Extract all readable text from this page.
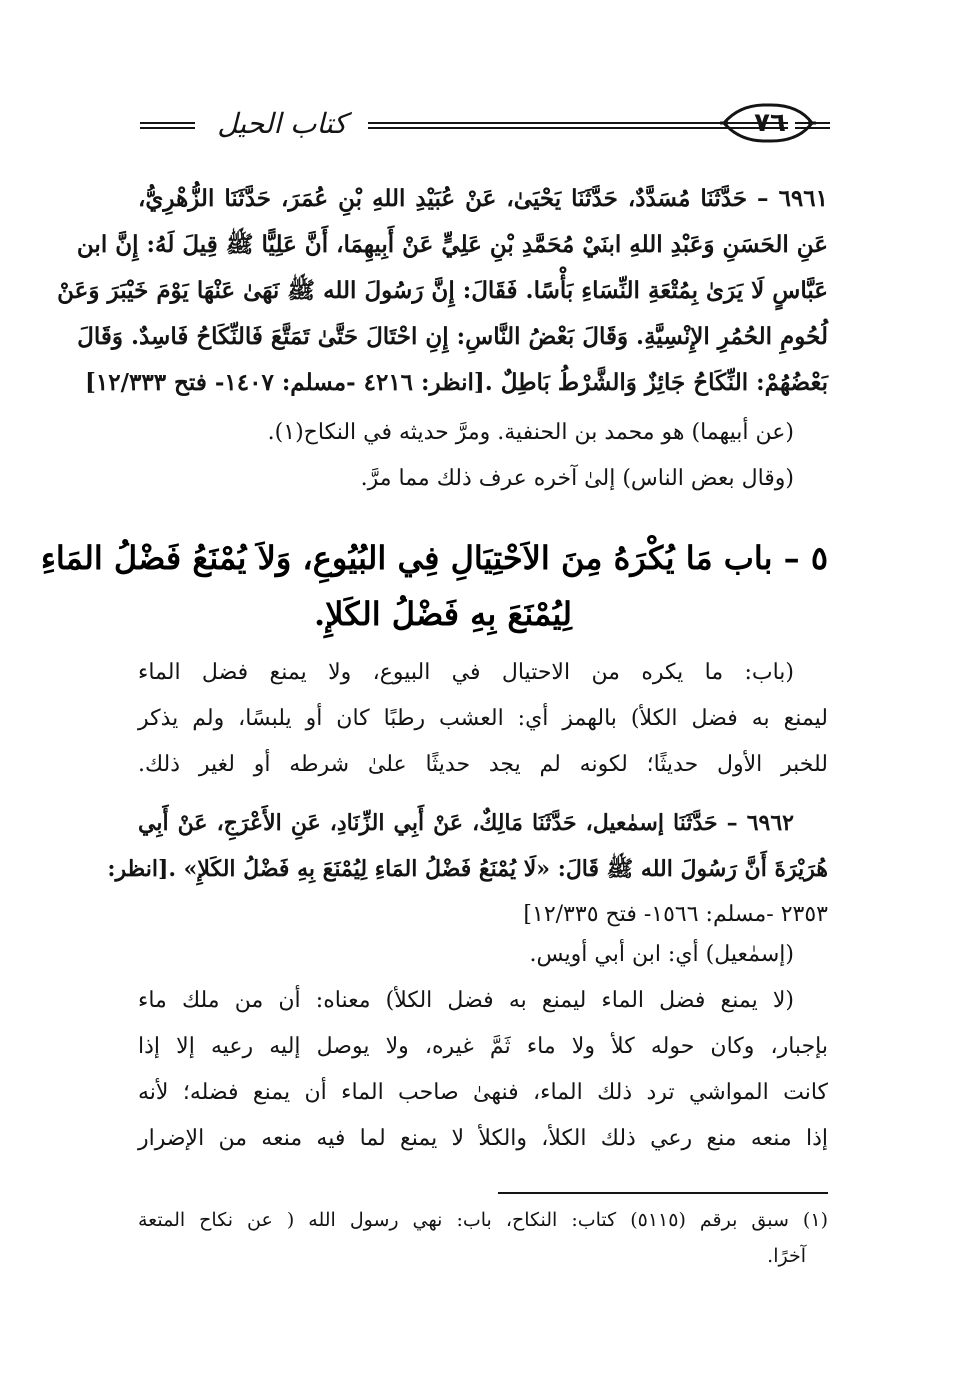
كتاب الحيل	٧٦
٦٩٦١ – حَدَّثَنَا مُسَدَّدٌ، حَدَّثَنَا يَحْيَىٰ، عَنْ عُبَيْدِ اللهِ بْنِ عُمَرَ، حَدَّثَنَا الزُّهْرِيُّ،
عَنِ الحَسَنِ وَعَبْدِ اللهِ ابنَيْ مُحَمَّدِ بْنِ عَلِيٍّ عَنْ أَبِيهِمَا، أَنَّ عَلِيًّا ﷺ قِيلَ لَهُ: إِنَّ ابن
عَبَّاسٍ لَا يَرَىٰ بِمُتْعَةِ النِّسَاءِ بَأْسًا. فَقَالَ: إِنَّ رَسُولَ الله ﷺ نَهَىٰ عَنْهَا يَوْمَ خَيْبَرَ وَعَنْ
لُحُومِ الحُمُرِ الإِنْسِيَّةِ. وَقَالَ بَعْضُ النَّاسِ: إِنِ احْتَالَ حَتَّىٰ تَمَتَّعَ فَالنِّكَاحُ فَاسِدٌ. وَقَالَ
بَعْضُهُمْ: النِّكَاحُ جَائِزٌ وَالشَّرْطُ بَاطِلٌ .[انظر: ٤٢١٦ -مسلم: ١٤٠٧- فتح ١٢/٣٣٣]
(عن أبيهما) هو محمد بن الحنفية. ومرَّ حديثه في النكاح(١).
(وقال بعض الناس) إلىٰ آخره عرف ذلك مما مرَّ.
٥ – باب مَا يُكْرَهُ مِنَ الاَحْتِيَالِ فِي البُيُوعِ، وَلاَ يُمْنَعُ فَضْلُ المَاءِ
لِيُمْنَعَ بِهِ فَضْلُ الكَلإِ.
(باب: ما يكره من الاحتيال في البيوع، ولا يمنع فضل الماء
ليمنع به فضل الكلأ) بالهمز أي: العشب رطبًا كان أو يلبسًا، ولم يذكر
للخبر الأول حديثًا؛ لكونه لم يجد حديثًا علىٰ شرطه أو لغير ذلك.
٦٩٦٢ – حَدَّثَنَا إسمٰعيل، حَدَّثَنَا مَالِكٌ، عَنْ أَبِي الزِّنَادِ، عَنِ الأَعْرَجِ، عَنْ أَبِي
هُرَيْرَةَ أَنَّ رَسُولَ الله ﷺ قَالَ: «لَا يُمْنَعُ فَضْلُ المَاءِ لِيُمْنَعَ بِهِ فَضْلُ الكَلإِ» .[انظر:
٢٣٥٣ -مسلم: ١٥٦٦- فتح ١٢/٣٣٥]
(إسمٰعيل) أي: ابن أبي أويس.
(لا يمنع فضل الماء ليمنع به فضل الكلأ) معناه: أن من ملك ماء
بإجبار، وكان حوله كلأ ولا ماء ثَمَّ غيره، ولا يوصل إليه رعيه إلا إذا
كانت المواشي ترد ذلك الماء، فنهىٰ صاحب الماء أن يمنع فضله؛ لأنه
إذا منعه منع رعي ذلك الكلأ، والكلأ لا يمنع لما فيه منعه من الإضرار
(١) سبق برقم (٥١١٥) كتاب: النكاح، باب: نهي رسول الله ( عن نكاح المتعة
آخرًا.
